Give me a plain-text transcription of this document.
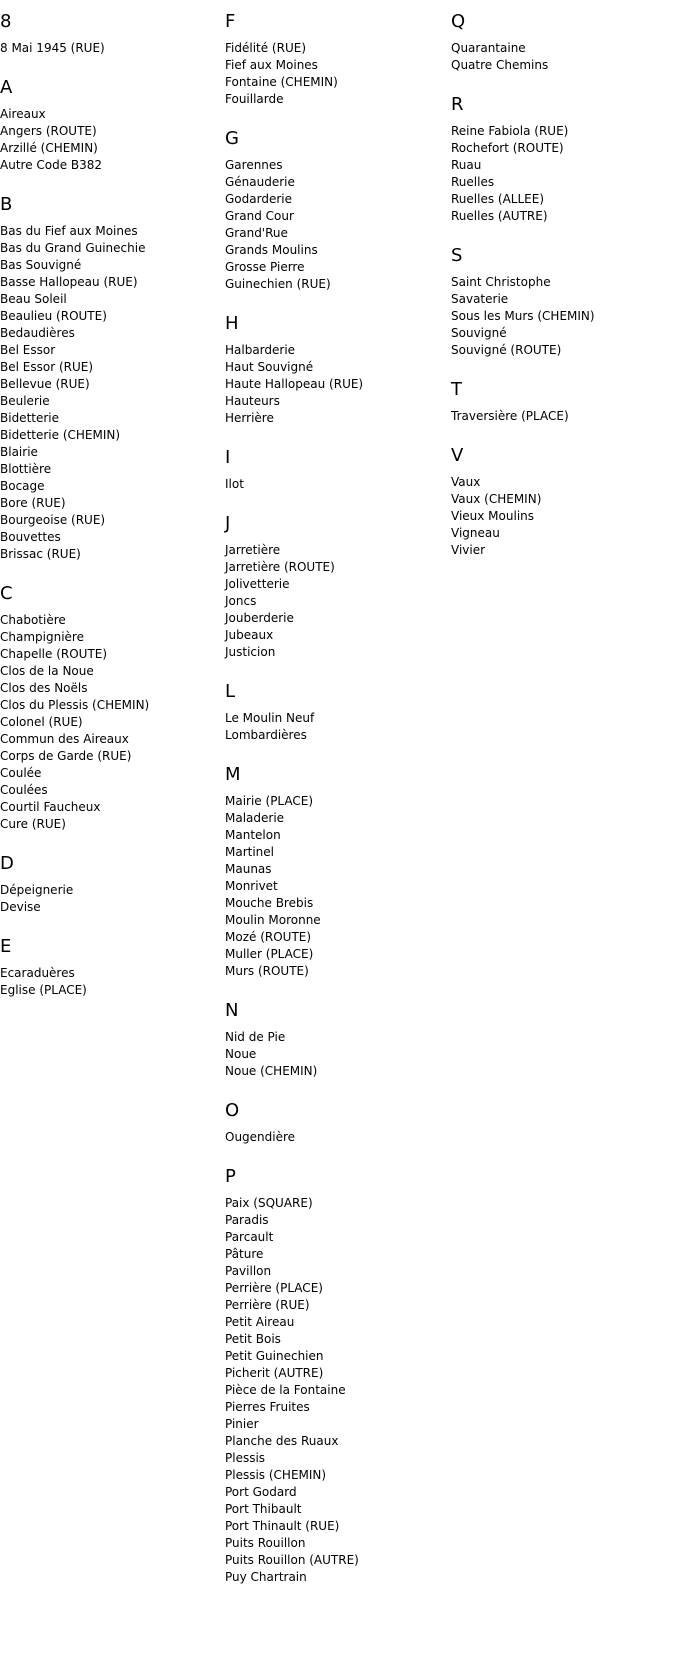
8
8 Mai 1945 (RUE)
A
Aireaux
Angers (ROUTE)
Arzillé (CHEMIN)
Autre Code B382
B
Bas du Fief aux Moines
Bas du Grand Guinechie
Bas Souvigné
Basse Hallopeau (RUE)
Beau Soleil
Beaulieu (ROUTE)
Bedaudières
Bel Essor
Bel Essor (RUE)
Bellevue (RUE)
Beulerie
Bidetterie
Bidetterie (CHEMIN)
Blairie
Blottière
Bocage
Bore (RUE)
Bourgeoise (RUE)
Bouvettes
Brissac (RUE)
C
Chabotière
Champignière
Chapelle (ROUTE)
Clos de la Noue
Clos des Noëls
Clos du Plessis (CHEMIN)
Colonel (RUE)
Commun des Aireaux
Corps de Garde (RUE)
Coulée
Coulées
Courtil Faucheux
Cure (RUE)
D
Dépeignerie
Devise
E
Ecaraduères
Eglise (PLACE)
F
Fidélité (RUE)
Fief aux Moines
Fontaine (CHEMIN)
Fouillarde
G
Garennes
Génauderie
Godarderie
Grand Cour
Grand'Rue
Grands Moulins
Grosse Pierre
Guinechien (RUE)
H
Halbarderie
Haut Souvigné
Haute Hallopeau (RUE)
Hauteurs
Herrière
I
Ilot
J
Jarretière
Jarretière (ROUTE)
Jolivetterie
Joncs
Jouberderie
Jubeaux
Justicion
L
Le Moulin Neuf
Lombardières
M
Mairie (PLACE)
Maladerie
Mantelon
Martinel
Maunas
Monrivet
Mouche Brebis
Moulin Moronne
Mozé (ROUTE)
Muller (PLACE)
Murs (ROUTE)
N
Nid de Pie
Noue
Noue (CHEMIN)
O
Ougendière
P
Paix (SQUARE)
Paradis
Parcault
Pâture
Pavillon
Perrière (PLACE)
Perrière (RUE)
Petit Aireau
Petit Bois
Petit Guinechien
Picherit (AUTRE)
Pièce de la Fontaine
Pierres Fruites
Pinier
Planche des Ruaux
Plessis
Plessis (CHEMIN)
Port Godard
Port Thibault
Port Thinault (RUE)
Puits Rouillon
Puits Rouillon (AUTRE)
Puy Chartrain
Q
Quarantaine
Quatre Chemins
R
Reine Fabiola (RUE)
Rochefort (ROUTE)
Ruau
Ruelles
Ruelles (ALLEE)
Ruelles (AUTRE)
S
Saint Christophe
Savaterie
Sous les Murs (CHEMIN)
Souvigné
Souvigné (ROUTE)
T
Traversière (PLACE)
V
Vaux
Vaux (CHEMIN)
Vieux Moulins
Vigneau
Vivier
